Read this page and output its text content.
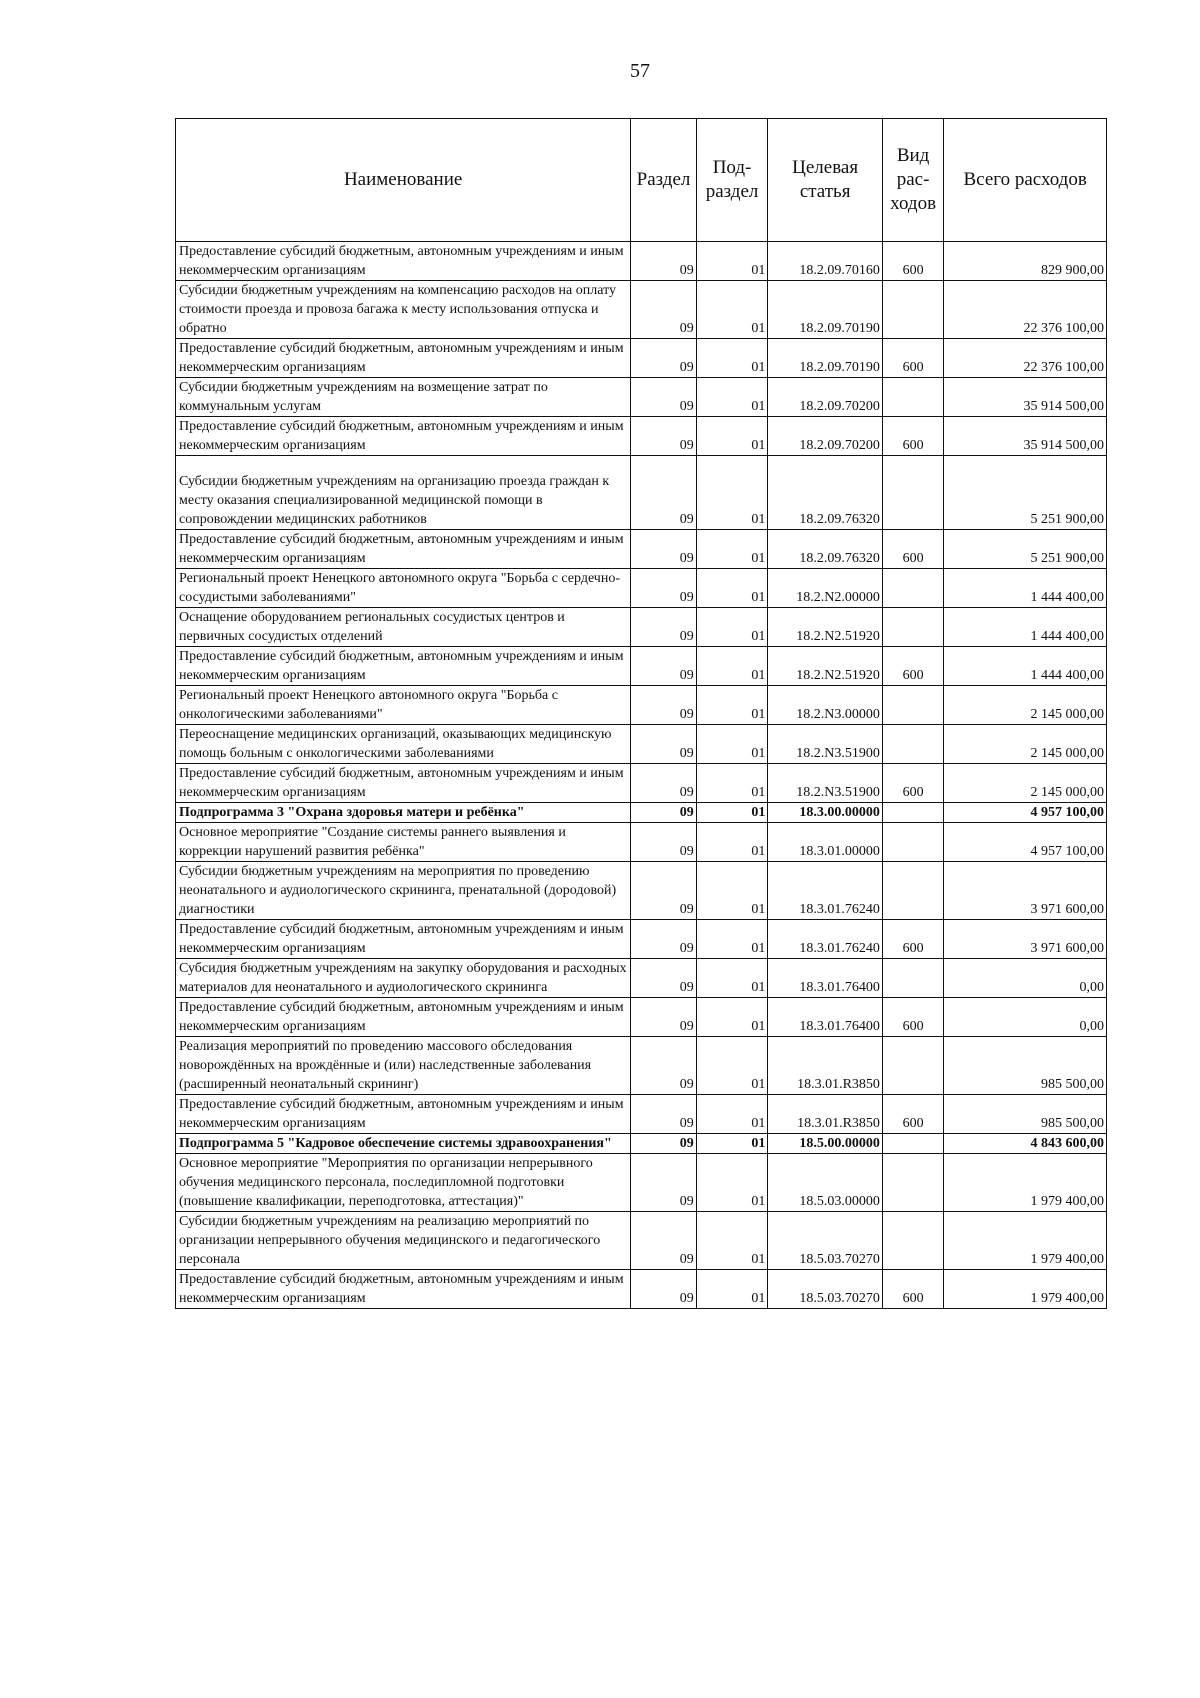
57
Наименование	Раздел	Под-раздел	Целевая статья	Вид рас-ходов	Всего расходов
Предоставление субсидий бюджетным, автономным учреждениям и иным некоммерческим организациям	09	01	18.2.09.70160	600	829 900,00
Субсидии бюджетным учреждениям на компенсацию расходов на оплату стоимости проезда и провоза багажа к месту использования отпуска и обратно	09	01	18.2.09.70190		22 376 100,00
Предоставление субсидий бюджетным, автономным учреждениям и иным некоммерческим организациям	09	01	18.2.09.70190	600	22 376 100,00
Субсидии бюджетным учреждениям на возмещение затрат по коммунальным услугам	09	01	18.2.09.70200		35 914 500,00
Предоставление субсидий бюджетным, автономным учреждениям и иным некоммерческим организациям	09	01	18.2.09.70200	600	35 914 500,00
Субсидии бюджетным учреждениям на организацию проезда граждан к месту оказания специализированной медицинской помощи в сопровождении медицинских работников	09	01	18.2.09.76320		5 251 900,00
Предоставление субсидий бюджетным, автономным учреждениям и иным некоммерческим организациям	09	01	18.2.09.76320	600	5 251 900,00
Региональный проект Ненецкого автономного округа "Борьба с сердечно-сосудистыми заболеваниями"	09	01	18.2.N2.00000		1 444 400,00
Оснащение оборудованием региональных сосудистых центров и первичных сосудистых отделений	09	01	18.2.N2.51920		1 444 400,00
Предоставление субсидий бюджетным, автономным учреждениям и иным некоммерческим организациям	09	01	18.2.N2.51920	600	1 444 400,00
Региональный проект Ненецкого автономного округа "Борьба с онкологическими заболеваниями"	09	01	18.2.N3.00000		2 145 000,00
Переоснащение медицинских организаций, оказывающих медицинскую помощь больным с онкологическими заболеваниями	09	01	18.2.N3.51900		2 145 000,00
Предоставление субсидий бюджетным, автономным учреждениям и иным некоммерческим организациям	09	01	18.2.N3.51900	600	2 145 000,00
Подпрограмма 3 "Охрана здоровья матери и ребёнка"	09	01	18.3.00.00000		4 957 100,00
Основное мероприятие "Создание системы раннего выявления и коррекции нарушений развития ребёнка"	09	01	18.3.01.00000		4 957 100,00
Субсидии бюджетным учреждениям на мероприятия по проведению неонатального и аудиологического скрининга, пренатальной (дородовой) диагностики	09	01	18.3.01.76240		3 971 600,00
Предоставление субсидий бюджетным, автономным учреждениям и иным некоммерческим организациям	09	01	18.3.01.76240	600	3 971 600,00
Субсидия бюджетным учреждениям на закупку оборудования и расходных материалов для неонатального и аудиологического скрининга	09	01	18.3.01.76400		0,00
Предоставление субсидий бюджетным, автономным учреждениям и иным некоммерческим организациям	09	01	18.3.01.76400	600	0,00
Реализация мероприятий по проведению массового обследования новорождённых на врождённые и (или) наследственные заболевания (расширенный неонатальный скрининг)	09	01	18.3.01.R3850		985 500,00
Предоставление субсидий бюджетным, автономным учреждениям и иным некоммерческим организациям	09	01	18.3.01.R3850	600	985 500,00
Подпрограмма 5 "Кадровое обеспечение системы здравоохранения"	09	01	18.5.00.00000		4 843 600,00
Основное мероприятие "Мероприятия по организации непрерывного обучения медицинского персонала, последипломной подготовки (повышение квалификации, переподготовка, аттестация)"	09	01	18.5.03.00000		1 979 400,00
Субсидии бюджетным учреждениям на реализацию мероприятий по организации непрерывного обучения медицинского и педагогического персонала	09	01	18.5.03.70270		1 979 400,00
Предоставление субсидий бюджетным, автономным учреждениям и иным некоммерческим организациям	09	01	18.5.03.70270	600	1 979 400,00
